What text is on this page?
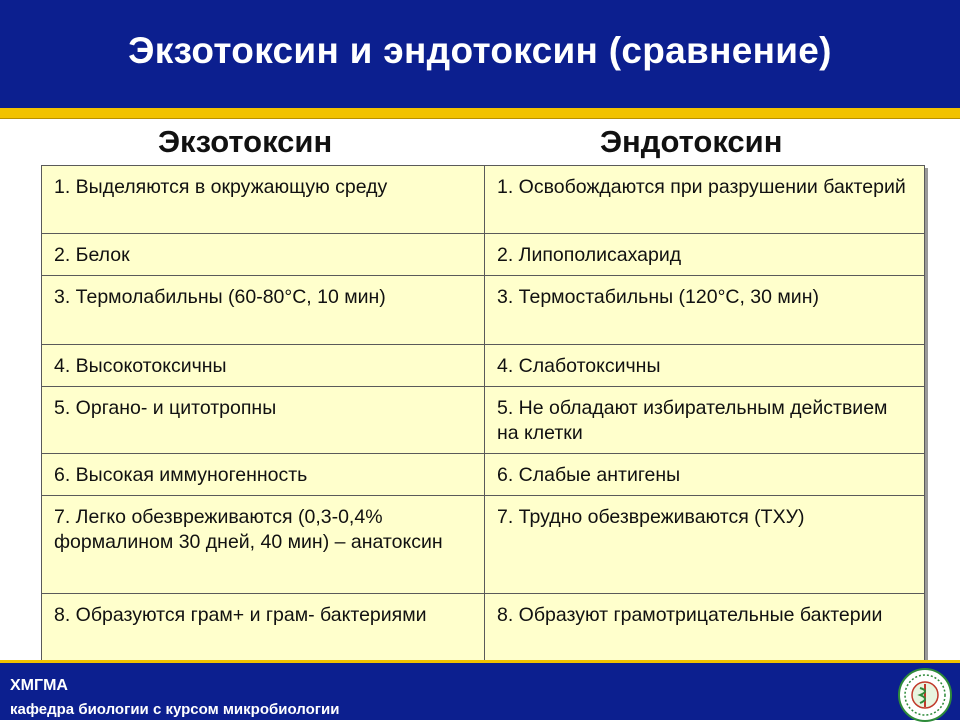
Экзотоксин и эндотоксин (сравнение)
Экзотоксин	Эндотоксин
1. Выделяются в окружающую среду	1. Освобождаются при разрушении бактерий
2. Белок	2. Липополисахарид
3. Термолабильны (60-80°С, 10 мин)	3. Термостабильны (120°С, 30 мин)
4. Высокотоксичны	4. Слаботоксичны
5. Органо- и цитотропны	5. Не обладают избирательным действием на клетки
6. Высокая иммуногенность	6. Слабые антигены
7. Легко обезвреживаются (0,3-0,4% формалином 30 дней, 40 мин) – анатоксин	7. Трудно обезвреживаются (ТХУ)
8. Образуются грам+ и грам- бактериями	8. Образуют грамотрицательные бактерии
ХМГМА
кафедра биологии с курсом микробиологии
